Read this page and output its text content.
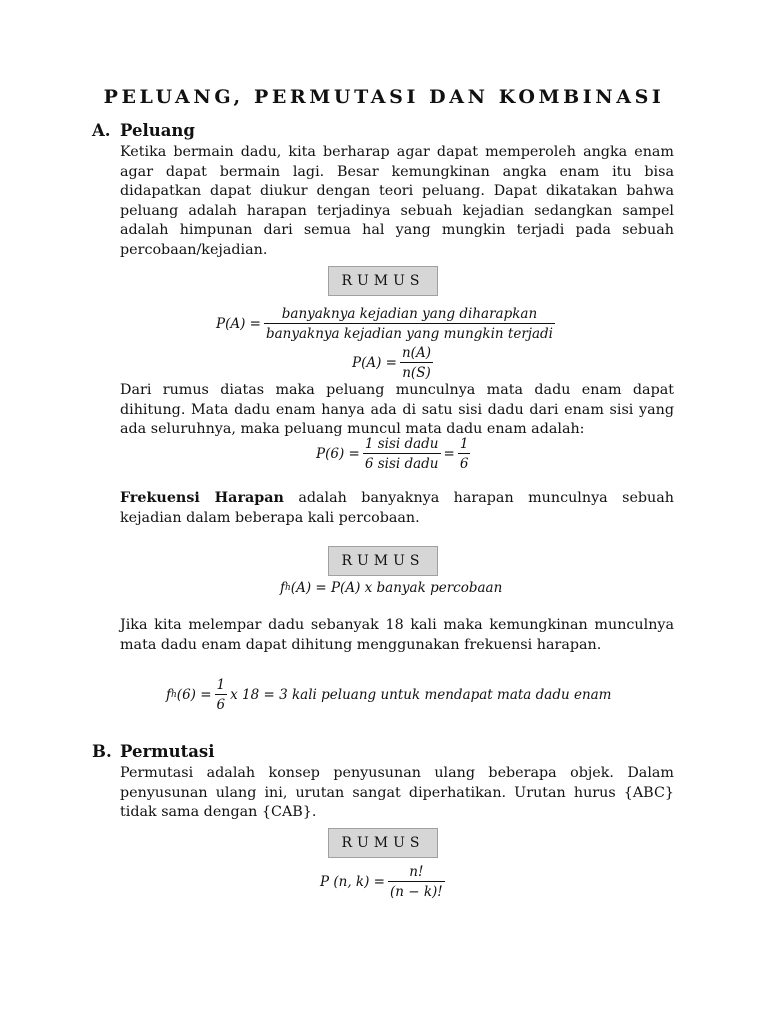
PELUANG, PERMUTASI DAN KOMBINASI
A. Peluang
Ketika bermain dadu, kita berharap agar dapat memperoleh angka enam agar dapat bermain lagi. Besar kemungkinan angka enam itu bisa didapatkan dapat diukur dengan teori peluang. Dapat dikatakan bahwa peluang adalah harapan terjadinya sebuah kejadian sedangkan sampel adalah himpunan dari semua hal yang mungkin terjadi pada sebuah percobaan/kejadian.
RUMUS
$P(A) = \frac{\text{banyaknya kejadian yang diharapkan}}{\text{banyaknya kejadian yang mungkin terjadi}}$
$P(A) = \frac{n(A)}{n(S)}$
Dari rumus diatas maka peluang munculnya mata dadu enam dapat dihitung. Mata dadu enam hanya ada di satu sisi dadu dari enam sisi yang ada seluruhnya, maka peluang muncul mata dadu enam adalah:
$P(6) = \frac{\text{1 sisi dadu}}{\text{6 sisi dadu}} = \frac{1}{6}$
Frekuensi Harapan adalah banyaknya harapan munculnya sebuah kejadian dalam beberapa kali percobaan.
RUMUS
f h (A) = P(A) x banyak percobaan
Jika kita melempar dadu sebanyak 18 kali maka kemungkinan munculnya mata dadu enam dapat dihitung menggunakan frekuensi harapan.
f h $(6) = \frac{1}{6}$ x 18 = 3 kali peluang untuk mendapat mata dadu enam
B. Permutasi
Permutasi adalah konsep penyusunan ulang beberapa objek. Dalam penyusunan ulang ini, urutan sangat diperhatikan. Urutan hurus {ABC} tidak sama dengan {CAB}.
RUMUS
P (n, $k) = \frac{n!}{(n - k)!}$
